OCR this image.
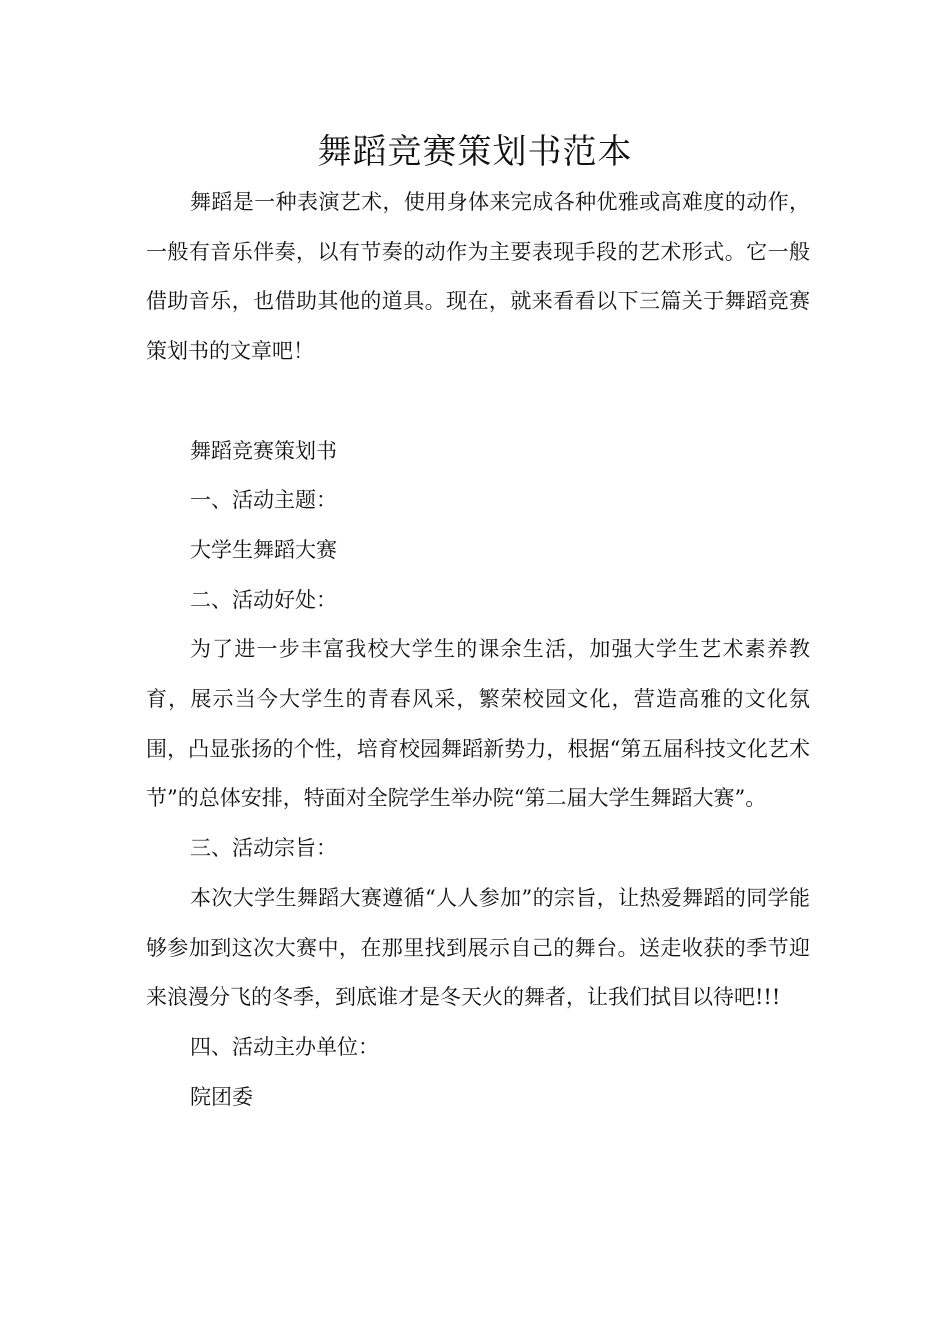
舞蹈竞赛策划书范本

舞蹈是一种表演艺术，使用身体来完成各种优雅或高难度的动作，一般有音乐伴奏，以有节奏的动作为主要表现手段的艺术形式。它一般借助音乐，也借助其他的道具。现在，就来看看以下三篇关于舞蹈竞赛策划书的文章吧！

舞蹈竞赛策划书

一、活动主题：

大学生舞蹈大赛

二、活动好处：

为了进一步丰富我校大学生的课余生活，加强大学生艺术素养教育，展示当今大学生的青春风采，繁荣校园文化，营造高雅的文化氛围，凸显张扬的个性，培育校园舞蹈新势力，根据“第五届科技文化艺术节”的总体安排，特面对全院学生举办院“第二届大学生舞蹈大赛”。

三、活动宗旨：

本次大学生舞蹈大赛遵循“人人参加”的宗旨，让热爱舞蹈的同学能够参加到这次大赛中，在那里找到展示自己的舞台。送走收获的季节迎来浪漫分飞的冬季，到底谁才是冬天火的舞者，让我们拭目以待吧!!!

四、活动主办单位：

院团委
